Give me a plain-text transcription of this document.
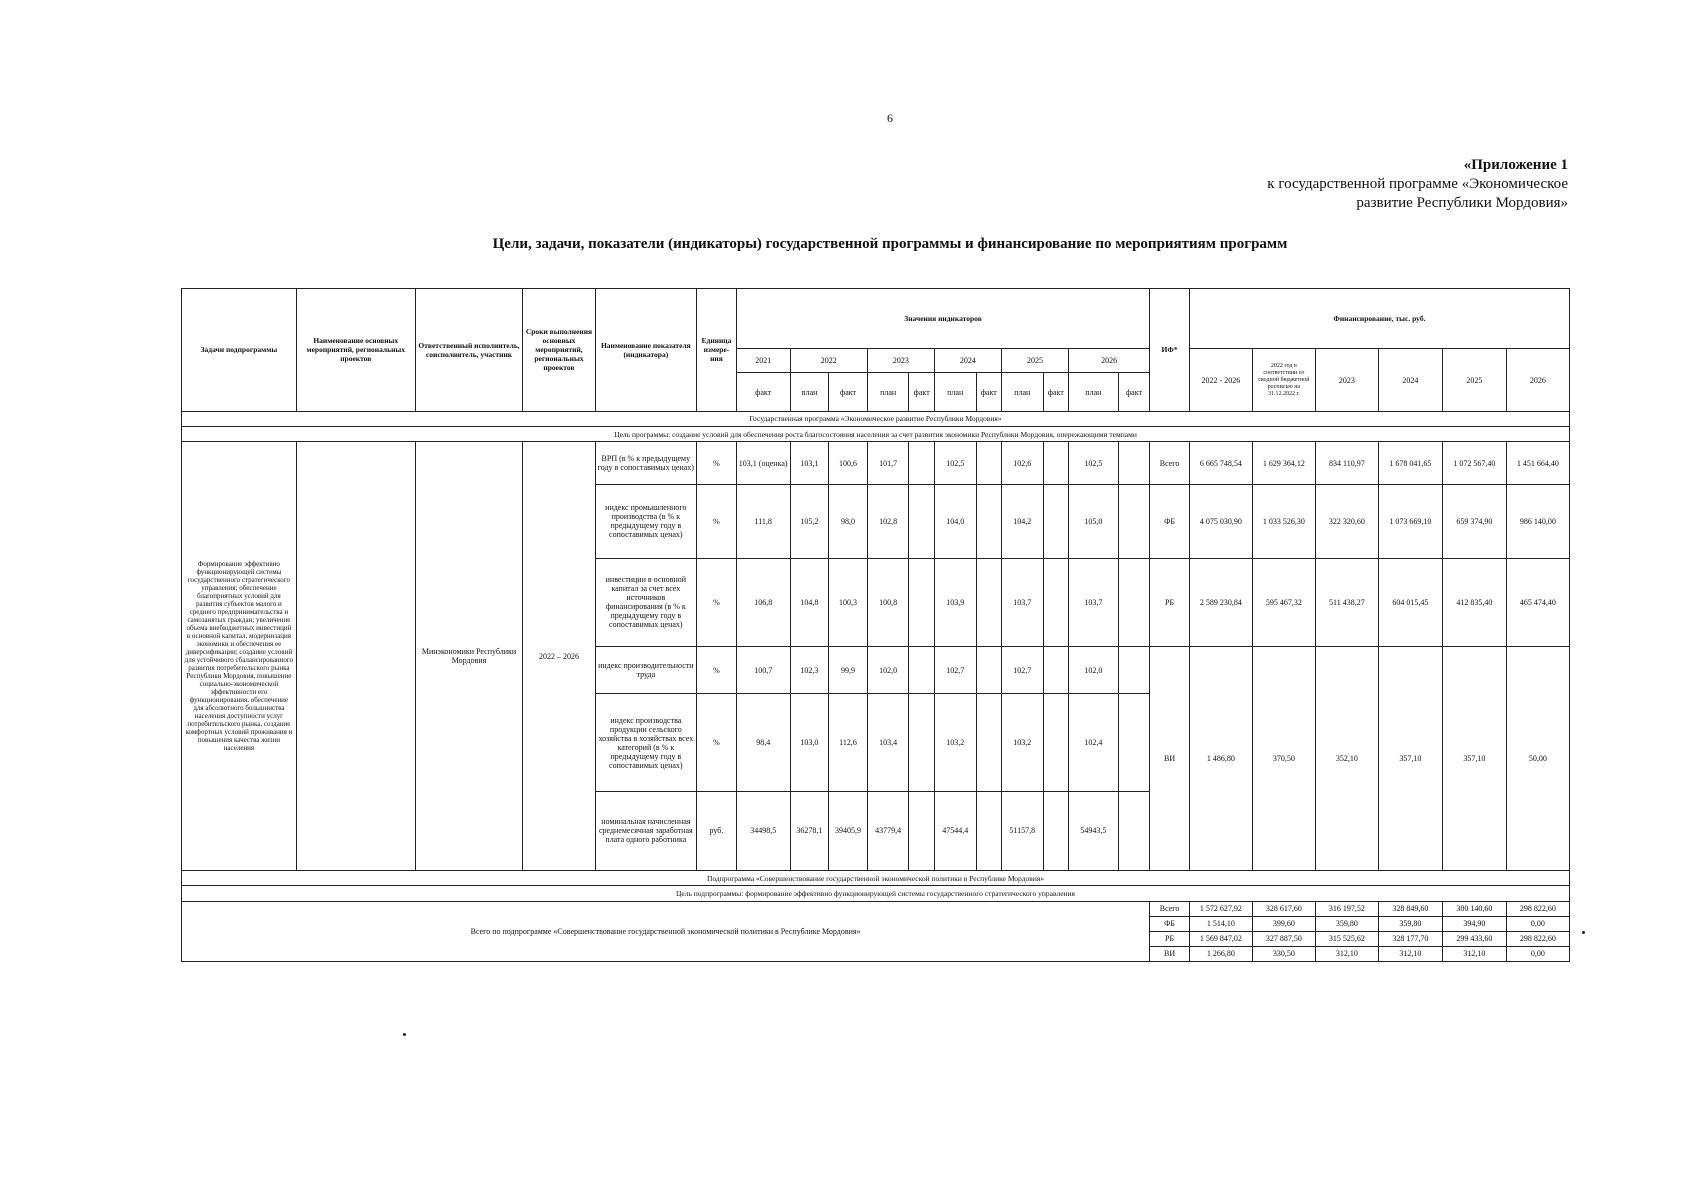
6
«Приложение 1
к государственной программе «Экономическое
развитие Республики Мордовия»
Цели, задачи, показатели (индикаторы) государственной программы и финансирование по мероприятиям программ
Задачи подпрограммы	Наименование основных мероприятий, региональных проектов	Ответственный исполнитель, соисполнитель, участник	Сроки выполнения основных мероприятий, региональных проектов	Наименование показателя (индикатора)	Единица измере-ния	Значения индикаторов											ИФ*	Финансирование, тыс. руб.					
						2021	2022		2023		2024		2025		2026			2022 - 2026	2022 год в соответствии со сводной бюджетной росписью на 31.12.2022 г.	2023	2024	2025	2026
						факт	план	факт	план	факт	план	факт	план	факт	план	факт							
Государственная программа «Экономическое развитие Республики Мордовия»																							
Цель программы: создание условий для обеспечения роста благосостояния населения за счет развития экономики Республики Мордовия, опережающими темпами																							
Формирование эффективно функционирующей системы государственного стратегического управления; обеспечение благоприятных условий для развития субъектов малого и среднего предпринимательства и самозанятых граждан; увеличение объема внебюджетных инвестиций в основной капитал, модернизация экономики и обеспечения ее диверсификации; создание условий для устойчивого сбалансированного развития потребительского рынка Республики Мордовия, повышение социально-экономической эффективности его функционирования, обеспечение для абсолютного большинства населения доступности услуг потребительского рынка, создание комфортных условий проживания и повышения качества жизни населения		Минэкономики Республики Мордовия	2022 – 2026	ВРП (в % к предыдущему году в сопоставимых ценах)	%	103,1 (оценка)	103,1	100,6	101,7		102,5		102,6		102,5		Всего	6 665 748,54	1 629 364,12	834 110,97	1 678 041,65	1 072 567,40	1 451 664,40
				индекс промышленного производства (в % к предыдущему году в сопоставимых ценах)	%	111,8	105,2	98,0	102,8		104,0		104,2		105,0		ФБ	4 075 030,90	1 033 526,30	322 320,60	1 073 669,10	659 374,90	986 140,00
				инвестиции в основной капитал за счет всех источников финансирования (в % к предыдущему году в сопоставимых ценах)	%	106,8	104,8	100,3	100,8		103,9		103,7		103,7		РБ	2 589 230,84	595 467,32	511 438,27	604 015,45	412 835,40	465 474,40
				индекс производительности труда	%	100,7	102,3	99,9	102,0		102,7		102,7		102,0		ВИ	1 486,80	370,50	352,10	357,10	357,10	50,00
				индекс производства продукции сельского хозяйства в хозяйствах всех категорий (в % к предыдущему году в сопоставимых ценах)	%	98,4	103,0	112,6	103,4		103,2		103,2		102,4								
				номинальная начисленная среднемесячная заработная плата одного работника	руб.	34498,5	36278,1	39405,9	43779,4		47544,4		51157,8		54943,5								
Подпрограмма «Совершенствование государственной экономической политики в Республике Мордовия»																							
Цель подпрограммы: формирование эффективно функционирующей системы государственного стратегического управления																							
Всего по подпрограмме «Совершенствование государственной экономической политики в Республике Мордовия»																	Всего	1 572 627,92	328 617,60	316 197,52	328 849,60	300 140,60	298 822,60
																	ФБ	1 514,10	399,60	359,80	359,80	394,90	0,00
																	РБ	1 569 847,02	327 887,50	315 525,62	328 177,70	299 433,60	298 822,60
																	ВИ	1 266,80	330,50	312,10	312,10	312,10	0,00
